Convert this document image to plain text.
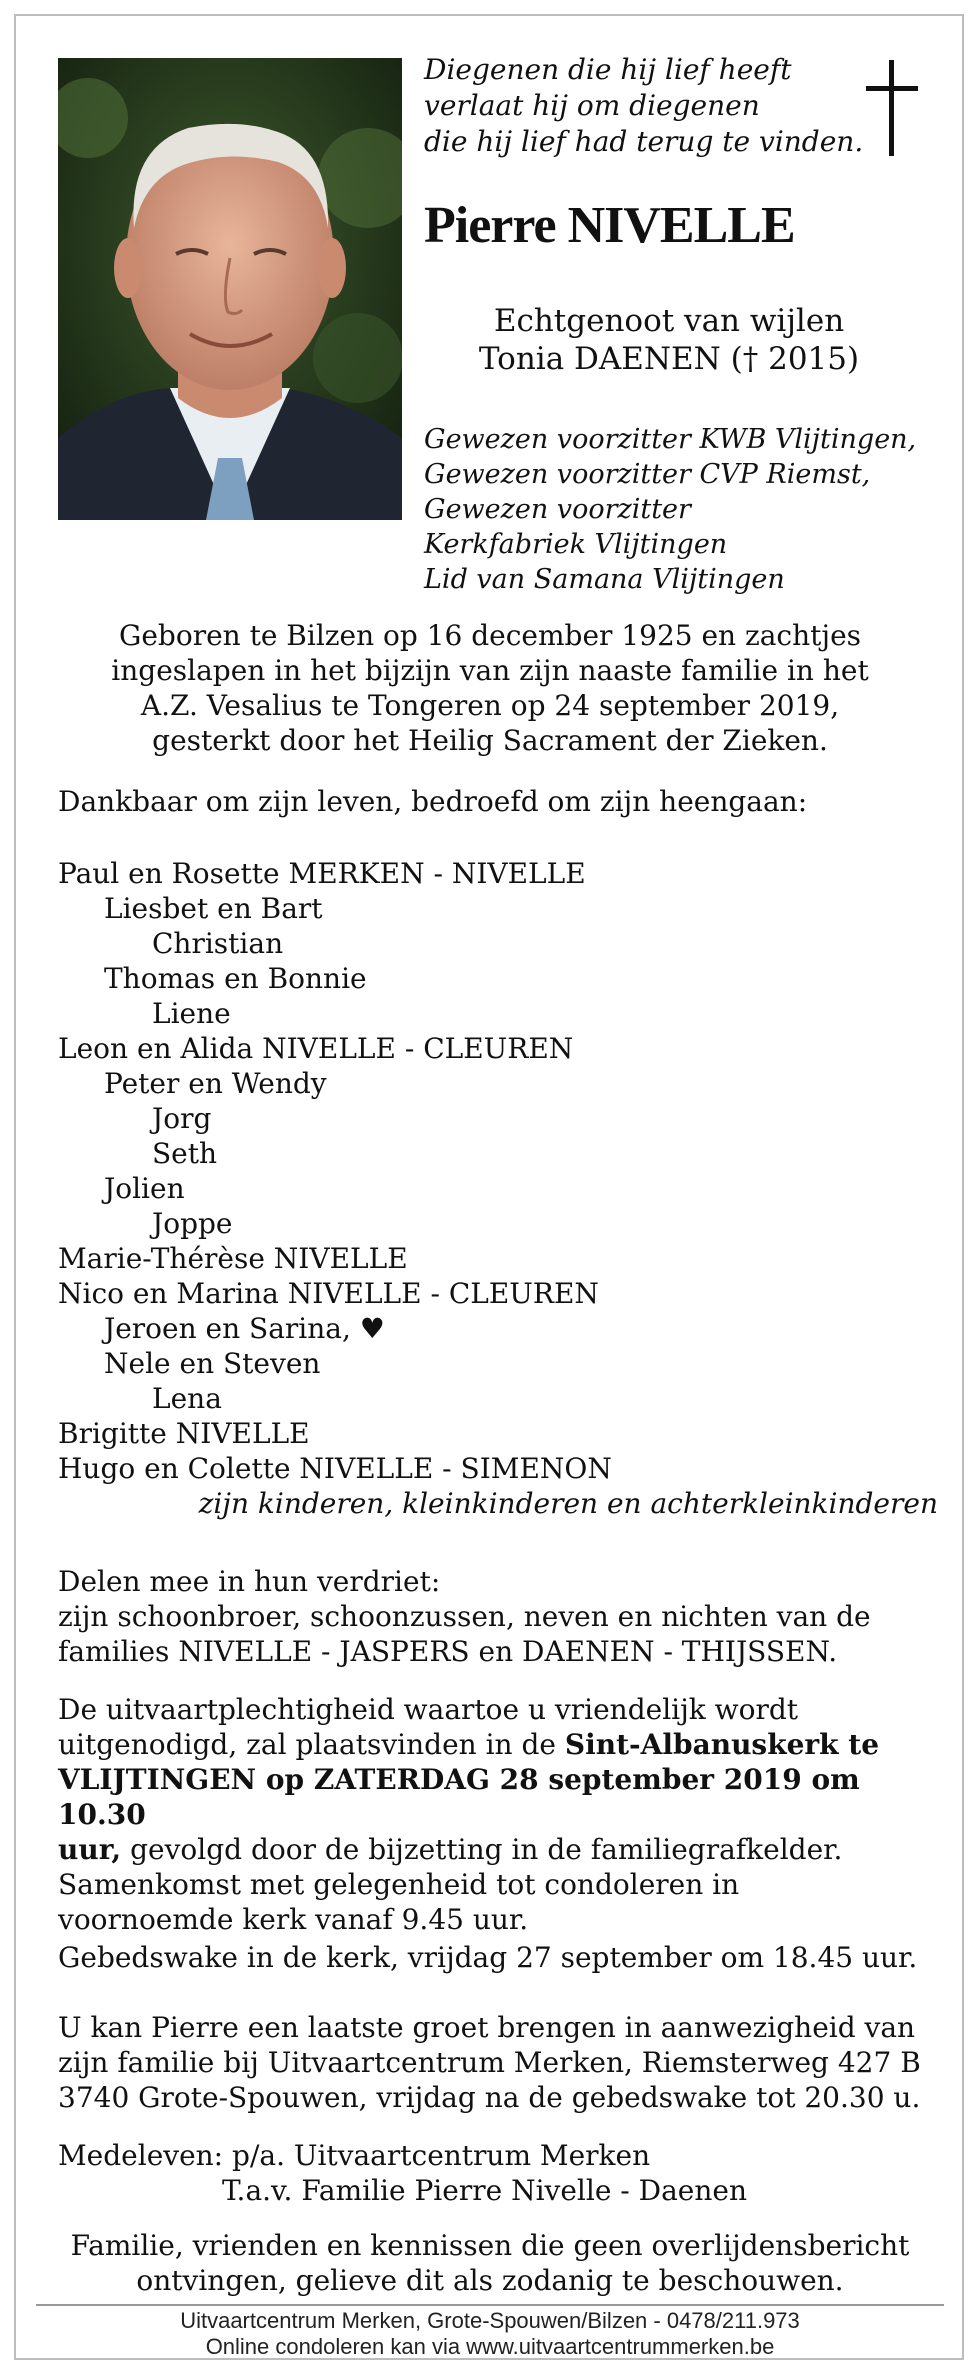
Diegenen die hij lief heeft
verlaat hij om diegenen
die hij lief had terug te vinden.
Pierre NIVELLE
Echtgenoot van wijlen
Tonia DAENEN († 2015)
Gewezen voorzitter KWB Vlijtingen,
Gewezen voorzitter CVP Riemst,
Gewezen voorzitter
Kerkfabriek Vlijtingen
Lid van Samana Vlijtingen
Geboren te Bilzen op 16 december 1925 en zachtjes
ingeslapen in het bijzijn van zijn naaste familie in het
A.Z. Vesalius te Tongeren op 24 september 2019,
gesterkt door het Heilig Sacrament der Zieken.
Dankbaar om zijn leven, bedroefd om zijn heengaan:
Paul en Rosette MERKEN - NIVELLE
Liesbet en Bart
Christian
Thomas en Bonnie
Liene
Leon en Alida NIVELLE - CLEUREN
Peter en Wendy
Jorg
Seth
Jolien
Joppe
Marie-Thérèse NIVELLE
Nico en Marina NIVELLE - CLEUREN
Jeroen en Sarina, ♥
Nele en Steven
Lena
Brigitte NIVELLE
Hugo en Colette NIVELLE - SIMENON
zijn kinderen, kleinkinderen en achterkleinkinderen
Delen mee in hun verdriet:
zijn schoonbroer, schoonzussen, neven en nichten van de
families NIVELLE - JASPERS en DAENEN - THIJSSEN.
De uitvaartplechtigheid waartoe u vriendelijk wordt
uitgenodigd, zal plaatsvinden in de Sint-Albanuskerk te
VLIJTINGEN op ZATERDAG 28 september 2019 om 10.30
uur, gevolgd door de bijzetting in de familiegrafkelder.
Samenkomst met gelegenheid tot condoleren in
voornoemde kerk vanaf 9.45 uur.
Gebedswake in de kerk, vrijdag 27 september om 18.45 uur.
U kan Pierre een laatste groet brengen in aanwezigheid van
zijn familie bij Uitvaartcentrum Merken, Riemsterweg 427 B
3740 Grote-Spouwen, vrijdag na de gebedswake tot 20.30 u.
Medeleven: p/a. Uitvaartcentrum Merken
T.a.v. Familie Pierre Nivelle - Daenen
Familie, vrienden en kennissen die geen overlijdensbericht
ontvingen, gelieve dit als zodanig te beschouwen.
Uitvaartcentrum Merken, Grote-Spouwen/Bilzen - 0478/211.973
Online condoleren kan via www.uitvaartcentrummerken.be
